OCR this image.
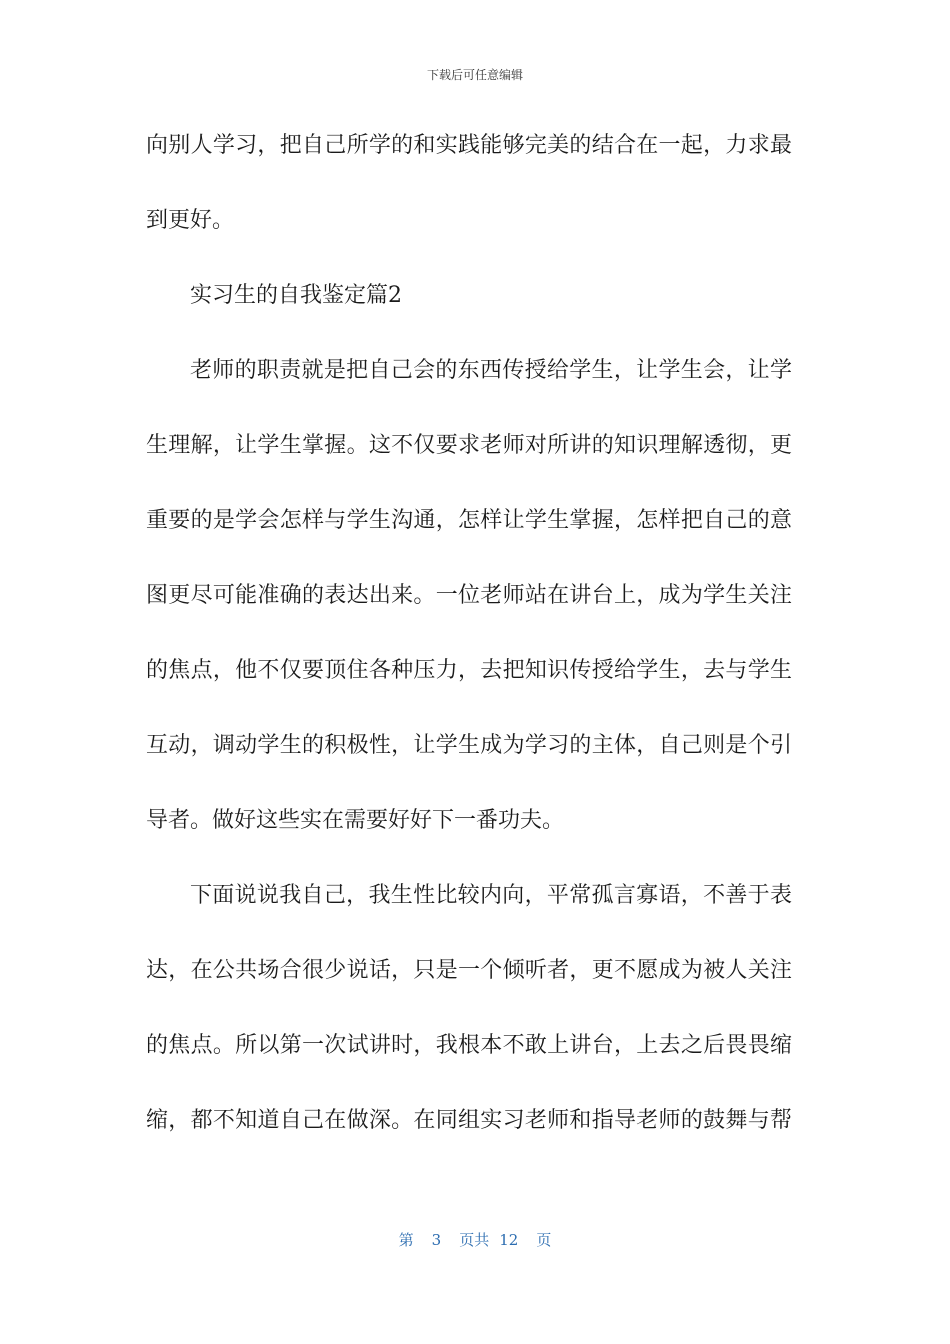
下载后可任意编辑
向别人学习，把自己所学的和实践能够完美的结合在一起，力求最
到更好。
实习生的自我鉴定篇2
老师的职责就是把自己会的东西传授给学生，让学生会，让学
生理解，让学生掌握。这不仅要求老师对所讲的知识理解透彻，更
重要的是学会怎样与学生沟通，怎样让学生掌握，怎样把自己的意
图更尽可能准确的表达出来。一位老师站在讲台上，成为学生关注
的焦点，他不仅要顶住各种压力，去把知识传授给学生，去与学生
互动，调动学生的积极性，让学生成为学习的主体，自己则是个引
导者。做好这些实在需要好好下一番功夫。
下面说说我自己，我生性比较内向，平常孤言寡语，不善于表
达，在公共场合很少说话，只是一个倾听者，更不愿成为被人关注
的焦点。所以第一次试讲时，我根本不敢上讲台，上去之后畏畏缩
缩，都不知道自己在做深。在同组实习老师和指导老师的鼓舞与帮
第 3 页共 12 页
